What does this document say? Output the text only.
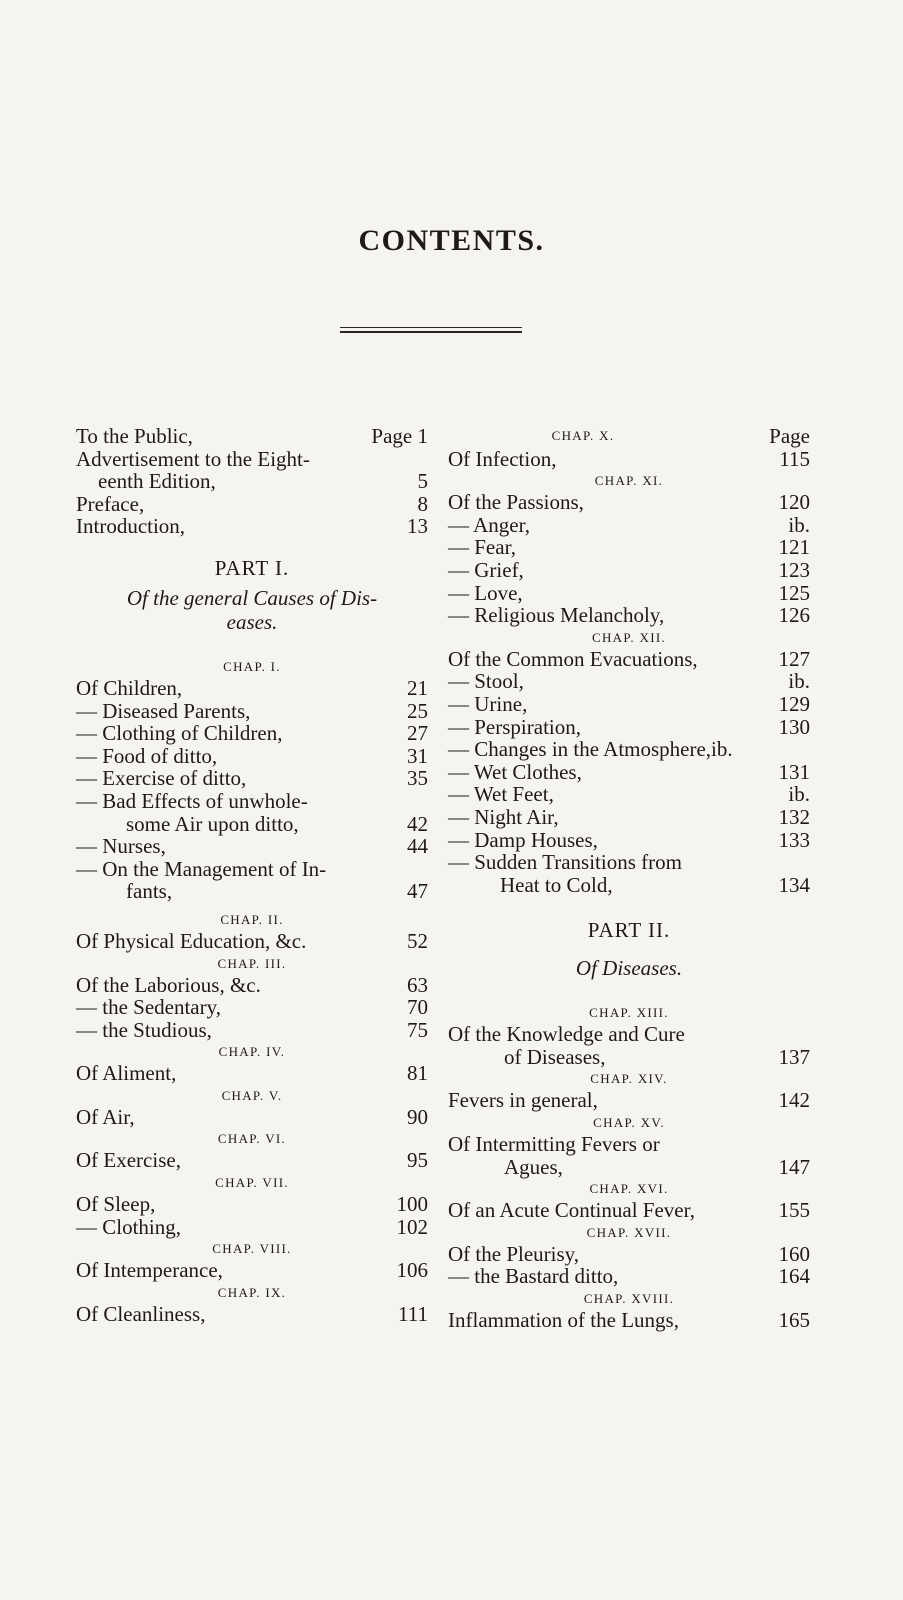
CONTENTS.
To the Public,	Page 1
Advertisement to the Eight-
eenth Edition,	5
Preface,	8
Introduction,	13
PART I.
Of the general Causes of Dis-
eases.
CHAP. I.
Of Children,	21
— Diseased Parents,	25
— Clothing of Children,	27
— Food of ditto,	31
— Exercise of ditto,	35
— Bad Effects of unwhole-
some Air upon ditto,	42
— Nurses,	44
— On the Management of In-
fants,	47
CHAP. II.
Of Physical Education, &c.	52
CHAP. III.
Of the Laborious, &c.	63
— the Sedentary,	70
— the Studious,	75
CHAP. IV.
Of Aliment,	81
CHAP. V.
Of Air,	90
CHAP. VI.
Of Exercise,	95
CHAP. VII.
Of Sleep,	100
— Clothing,	102
CHAP. VIII.
Of Intemperance,	106
CHAP. IX.
Of Cleanliness,	111
CHAP. X.	Page
Of Infection,	115
CHAP. XI.
Of the Passions,	120
— Anger,	ib.
— Fear,	121
— Grief,	123
— Love,	125
— Religious Melancholy,	126
CHAP. XII.
Of the Common Evacuations,	127
— Stool,	ib.
— Urine,	129
— Perspiration,	130
— Changes in the Atmosphere,ib.
— Wet Clothes,	131
— Wet Feet,	ib.
— Night Air,	132
— Damp Houses,	133
— Sudden Transitions from
Heat to Cold,	134
PART II.
Of Diseases.
CHAP. XIII.
Of the Knowledge and Cure
of Diseases,	137
CHAP. XIV.
Fevers in general,	142
CHAP. XV.
Of Intermitting Fevers or
Agues,	147
CHAP. XVI.
Of an Acute Continual Fever,	155
CHAP. XVII.
Of the Pleurisy,	160
— the Bastard ditto,	164
CHAP. XVIII.
Inflammation of the Lungs,	165
